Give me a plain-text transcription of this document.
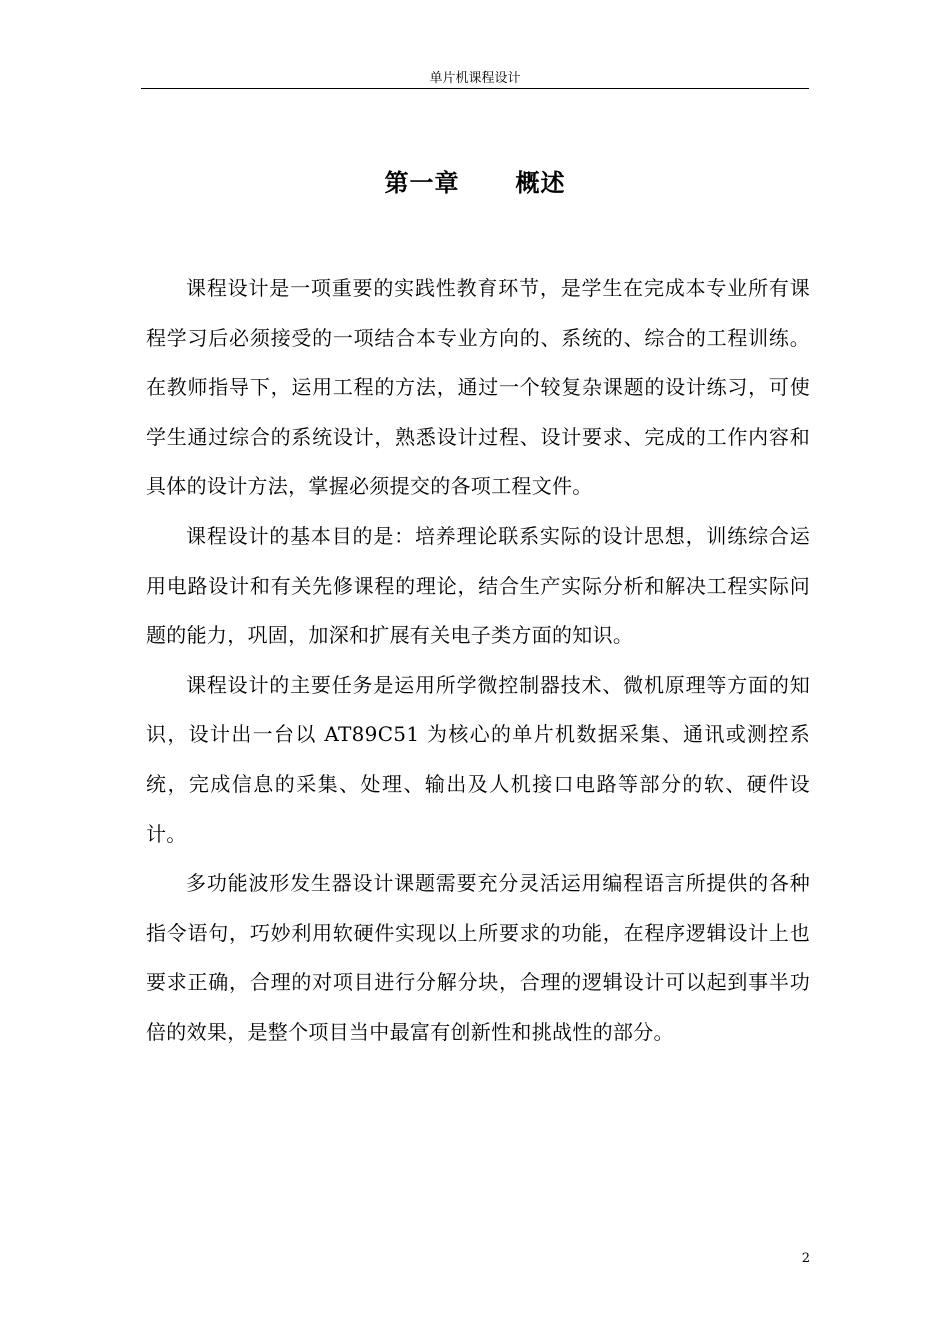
单片机课程设计
第一章 概述

课程设计是一项重要的实践性教育环节，是学生在完成本专业所有课程学习后必须接受的一项结合本专业方向的、系统的、综合的工程训练。在教师指导下，运用工程的方法，通过一个较复杂课题的设计练习，可使学生通过综合的系统设计，熟悉设计过程、设计要求、完成的工作内容和具体的设计方法，掌握必须提交的各项工程文件。

课程设计的基本目的是：培养理论联系实际的设计思想，训练综合运用电路设计和有关先修课程的理论，结合生产实际分析和解决工程实际问题的能力，巩固，加深和扩展有关电子类方面的知识。

课程设计的主要任务是运用所学微控制器技术、微机原理等方面的知识，设计出一台以 AT89C51 为核心的单片机数据采集、通讯或测控系统，完成信息的采集、处理、输出及人机接口电路等部分的软、硬件设计。

多功能波形发生器设计课题需要充分灵活运用编程语言所提供的各种指令语句，巧妙利用软硬件实现以上所要求的功能，在程序逻辑设计上也要求正确，合理的对项目进行分解分块，合理的逻辑设计可以起到事半功倍的效果，是整个项目当中最富有创新性和挑战性的部分。

2
